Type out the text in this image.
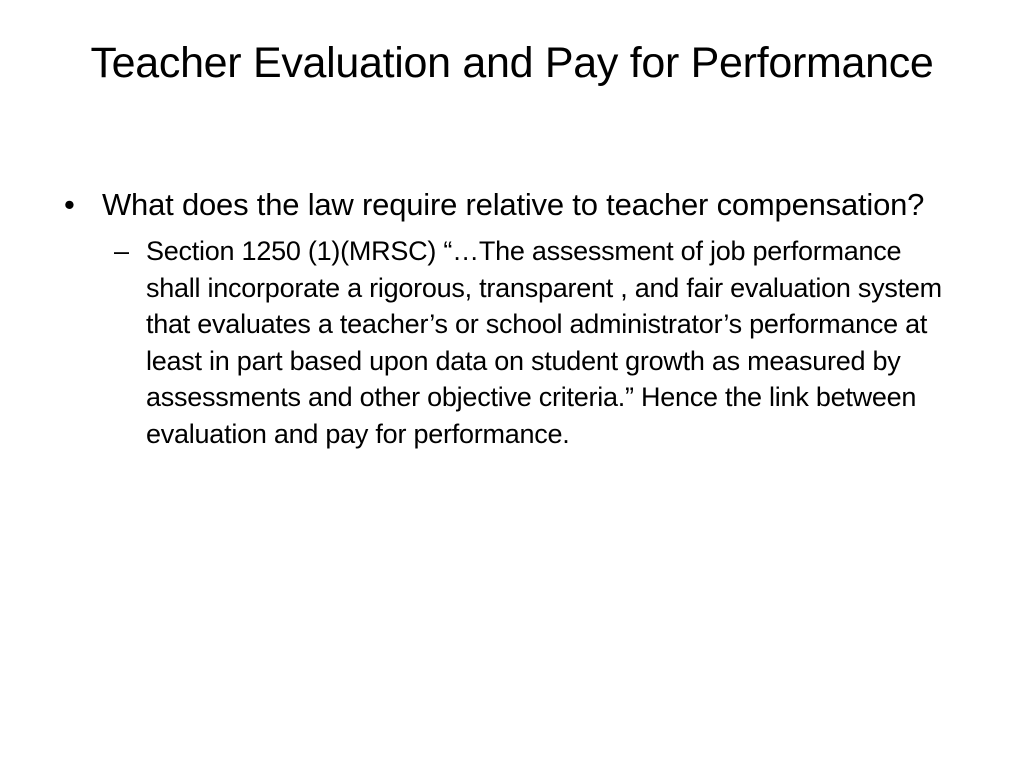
Teacher Evaluation and Pay for Performance
• What does the law require relative to teacher compensation?
– Section 1250 (1)(MRSC) “…The assessment of job performance shall incorporate a rigorous, transparent , and fair evaluation system that evaluates a teacher’s or school administrator’s performance at least in part based upon data on student growth as measured by assessments and other objective criteria.” Hence the link between evaluation and pay for performance.
